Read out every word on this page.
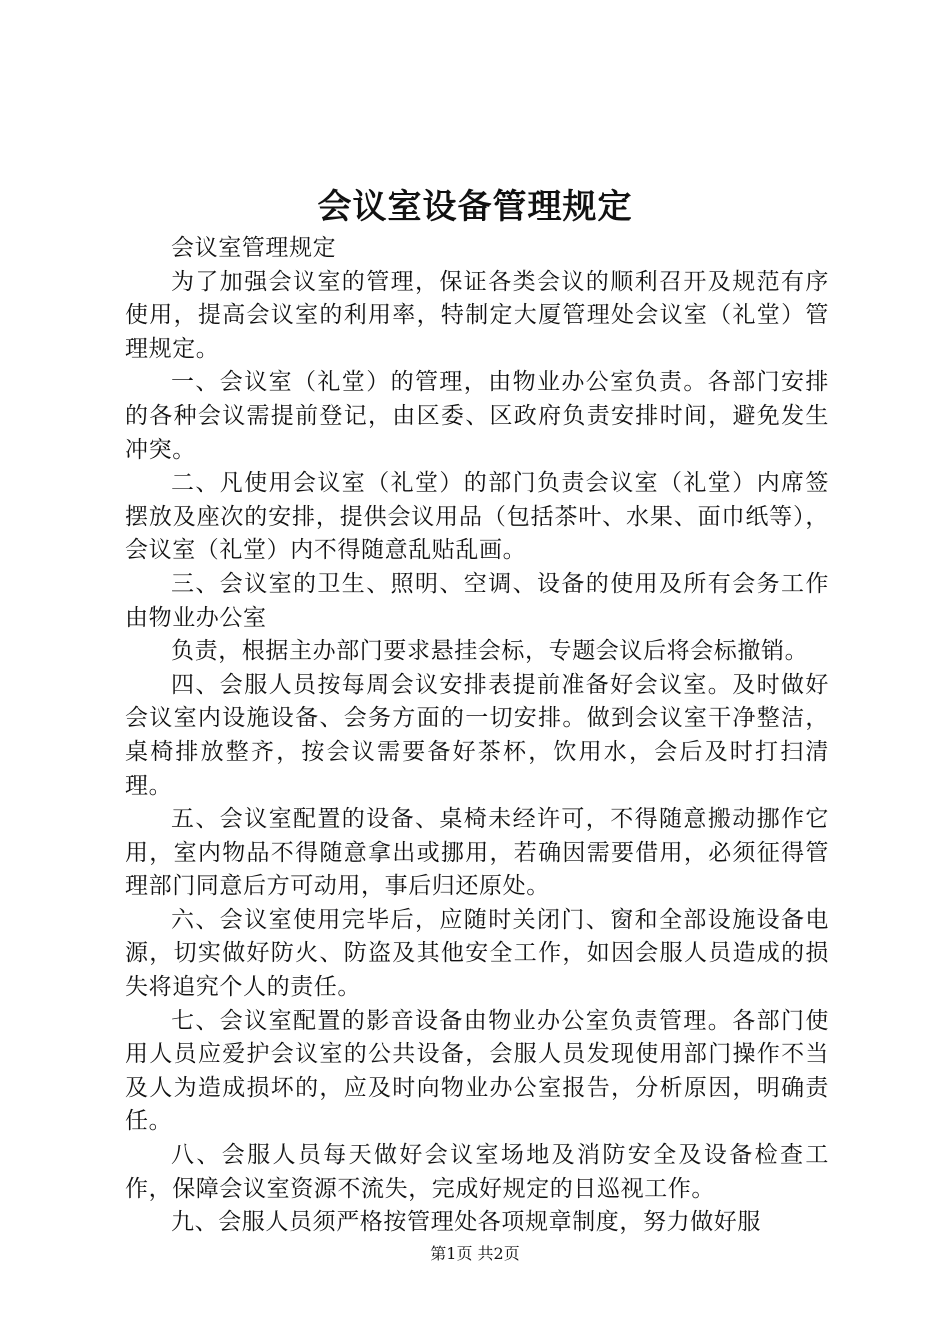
会议室设备管理规定

会议室管理规定

为了加强会议室的管理，保证各类会议的顺利召开及规范有序使用，提高会议室的利用率，特制定大厦管理处会议室（礼堂）管理规定。

一、会议室（礼堂）的管理，由物业办公室负责。各部门安排的各种会议需提前登记，由区委、区政府负责安排时间，避免发生冲突。

二、凡使用会议室（礼堂）的部门负责会议室（礼堂）内席签摆放及座次的安排，提供会议用品（包括茶叶、水果、面巾纸等），会议室（礼堂）内不得随意乱贴乱画。

三、会议室的卫生、照明、空调、设备的使用及所有会务工作由物业办公室

负责，根据主办部门要求悬挂会标，专题会议后将会标撤销。

四、会服人员按每周会议安排表提前准备好会议室。及时做好会议室内设施设备、会务方面的一切安排。做到会议室干净整洁，桌椅排放整齐，按会议需要备好茶杯，饮用水，会后及时打扫清理。

五、会议室配置的设备、桌椅未经许可，不得随意搬动挪作它用，室内物品不得随意拿出或挪用，若确因需要借用，必须征得管理部门同意后方可动用，事后归还原处。

六、会议室使用完毕后，应随时关闭门、窗和全部设施设备电源，切实做好防火、防盗及其他安全工作，如因会服人员造成的损失将追究个人的责任。

七、会议室配置的影音设备由物业办公室负责管理。各部门使用人员应爱护会议室的公共设备，会服人员发现使用部门操作不当及人为造成损坏的，应及时向物业办公室报告，分析原因，明确责任。

八、会服人员每天做好会议室场地及消防安全及设备检查工作，保障会议室资源不流失，完成好规定的日巡视工作。

九、会服人员须严格按管理处各项规章制度，努力做好服

第1页 共2页
